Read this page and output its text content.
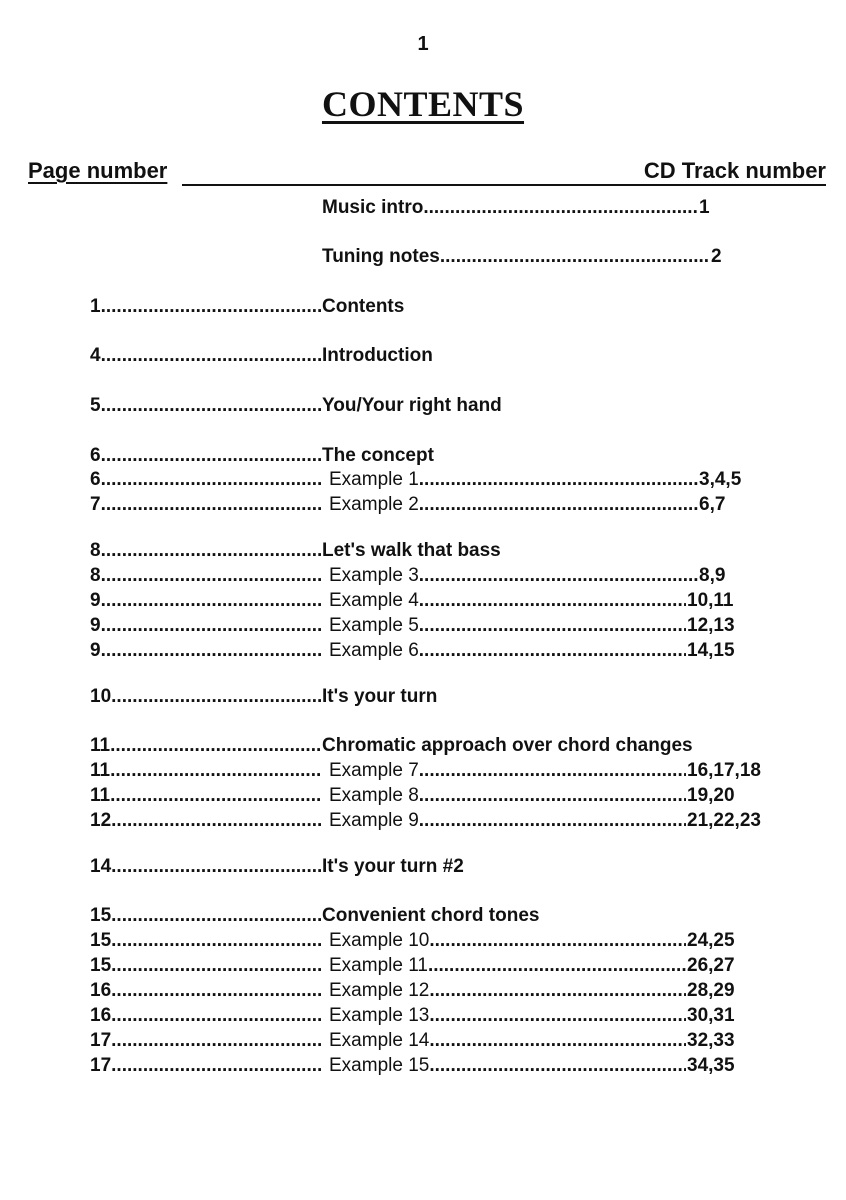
1
CONTENTS
Page number	CD Track number
Music intro .....	1
Tuning notes .....	2
1 .....	Contents
4 .....	Introduction
5 .....	You/Your right hand
6 .....	The concept
6 .....	Example 1 .....	3,4,5
7 .....	Example 2 .....	6,7
8 .....	Let's walk that bass
8 .....	Example 3 .....	8,9
9 .....	Example 4 .....	10,11
9 .....	Example 5 .....	12,13
9 .....	Example 6 .....	14,15
10 .....	It's your turn
11 .....	Chromatic approach over chord changes
11 .....	Example 7 .....	16,17,18
11 .....	Example 8 .....	19,20
12 .....	Example 9 .....	21,22,23
14 .....	It's your turn #2
15 .....	Convenient chord tones
15 .....	Example 10 .....	24,25
15 .....	Example 11 .....	26,27
16 .....	Example 12 .....	28,29
16 .....	Example 13 .....	30,31
17 .....	Example 14 .....	32,33
17 .....	Example 15 .....	34,35
